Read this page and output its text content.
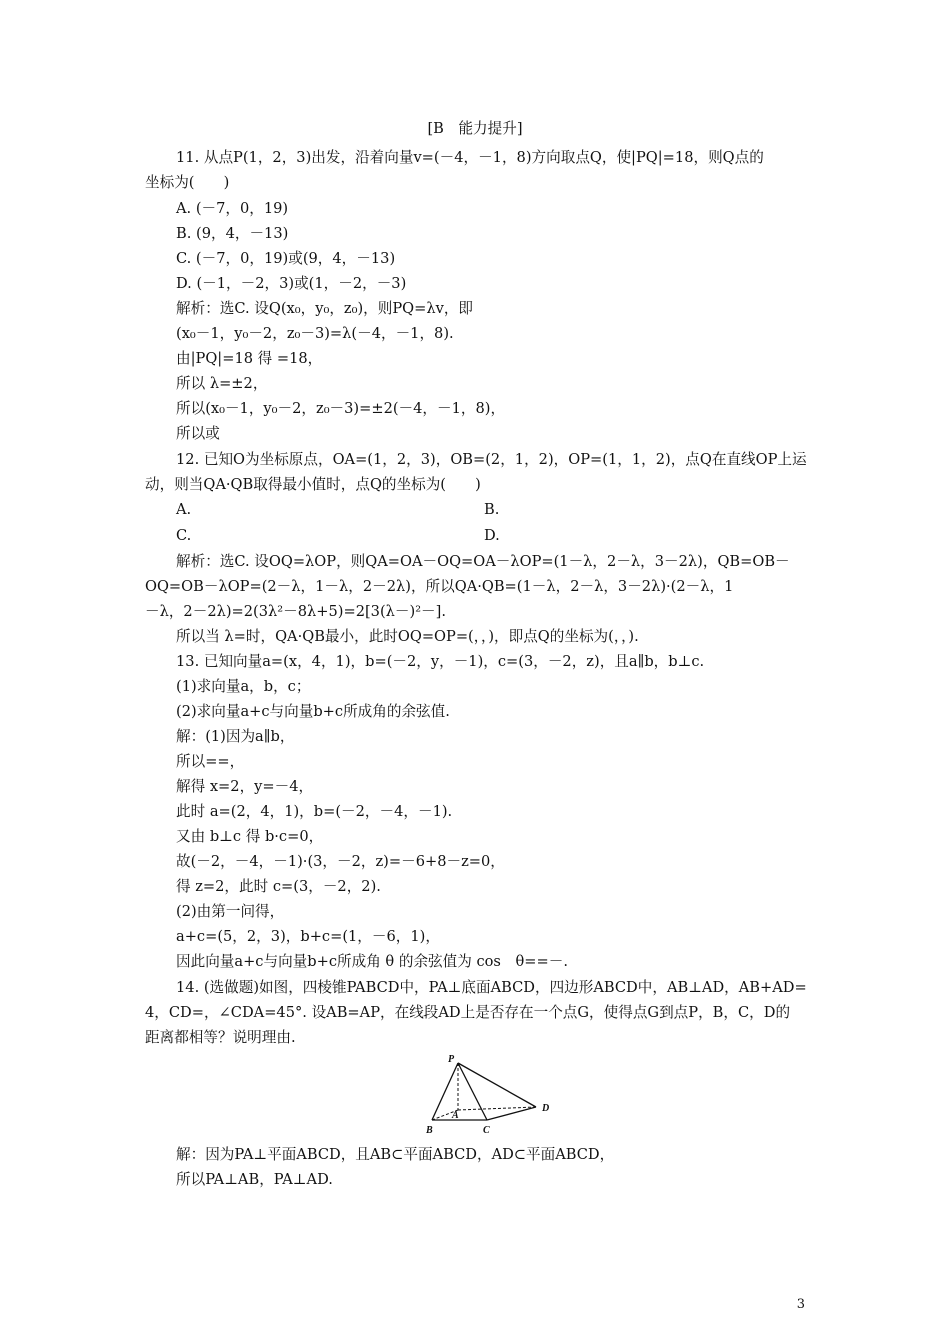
[B　能力提升]
11. 从点P(1，2，3)出发，沿着向量v=(－4，－1，8)方向取点Q，使|PQ|=18，则Q点的
坐标为(　　)
A. (－7，0，19)
B. (9，4，－13)
C. (－7，0，19)或(9，4，－13)
D. (－1，－2，3)或(1，－2，－3)
解析：选C. 设Q(x₀，y₀，z₀)，则PQ=λv，即
(x₀－1，y₀－2，z₀－3)=λ(－4，－1，8).
由|PQ|=18 得 =18，
所以 λ=±2，
所以(x₀－1，y₀－2，z₀－3)=±2(－4，－1，8)，
所以或
12. 已知O为坐标原点，OA=(1，2，3)，OB=(2，1，2)，OP=(1，1，2)，点Q在直线OP上运
动，则当QA·QB取得最小值时，点Q的坐标为(　　)
A.	B.
C.	D.
解析：选C. 设OQ=λOP，则QA=OA－OQ=OA－λOP=(1－λ，2－λ，3－2λ)，QB=OB－
OQ=OB－λOP=(2－λ，1－λ，2－2λ)，所以QA·QB=(1－λ，2－λ，3－2λ)·(2－λ，1
－λ，2－2λ)=2(3λ²－8λ+5)=2[3(λ－)²－].
所以当 λ=时，QA·QB最小，此时OQ=OP=(，，)，即点Q的坐标为(，，).
13. 已知向量a=(x，4，1)，b=(－2，y，－1)，c=(3，－2，z)，且a∥b，b⊥c.
(1)求向量a，b，c；
(2)求向量a+c与向量b+c所成角的余弦值.
解：(1)因为a∥b，
所以==，
解得 x=2，y=－4，
此时 a=(2，4，1)，b=(－2，－4，－1).
又由 b⊥c 得 b·c=0，
故(－2，－4，－1)·(3，－2，z)=－6+8－z=0，
得 z=2，此时 c=(3，－2，2).
(2)由第一问得，
a+c=(5，2，3)，b+c=(1，－6，1)，
因此向量a+c与向量b+c所成角 θ 的余弦值为 cos　θ==－.
14. (选做题)如图，四棱锥PABCD中，PA⊥底面ABCD，四边形ABCD中，AB⊥AD，AB+AD=
4，CD=，∠CDA=45°. 设AB=AP，在线段AD上是否存在一个点G，使得点G到点P，B，C，D的
距离都相等？说明理由.
P
A
B	C
D
解：因为PA⊥平面ABCD，且AB⊂平面ABCD，AD⊂平面ABCD，
所以PA⊥AB，PA⊥AD.
3
